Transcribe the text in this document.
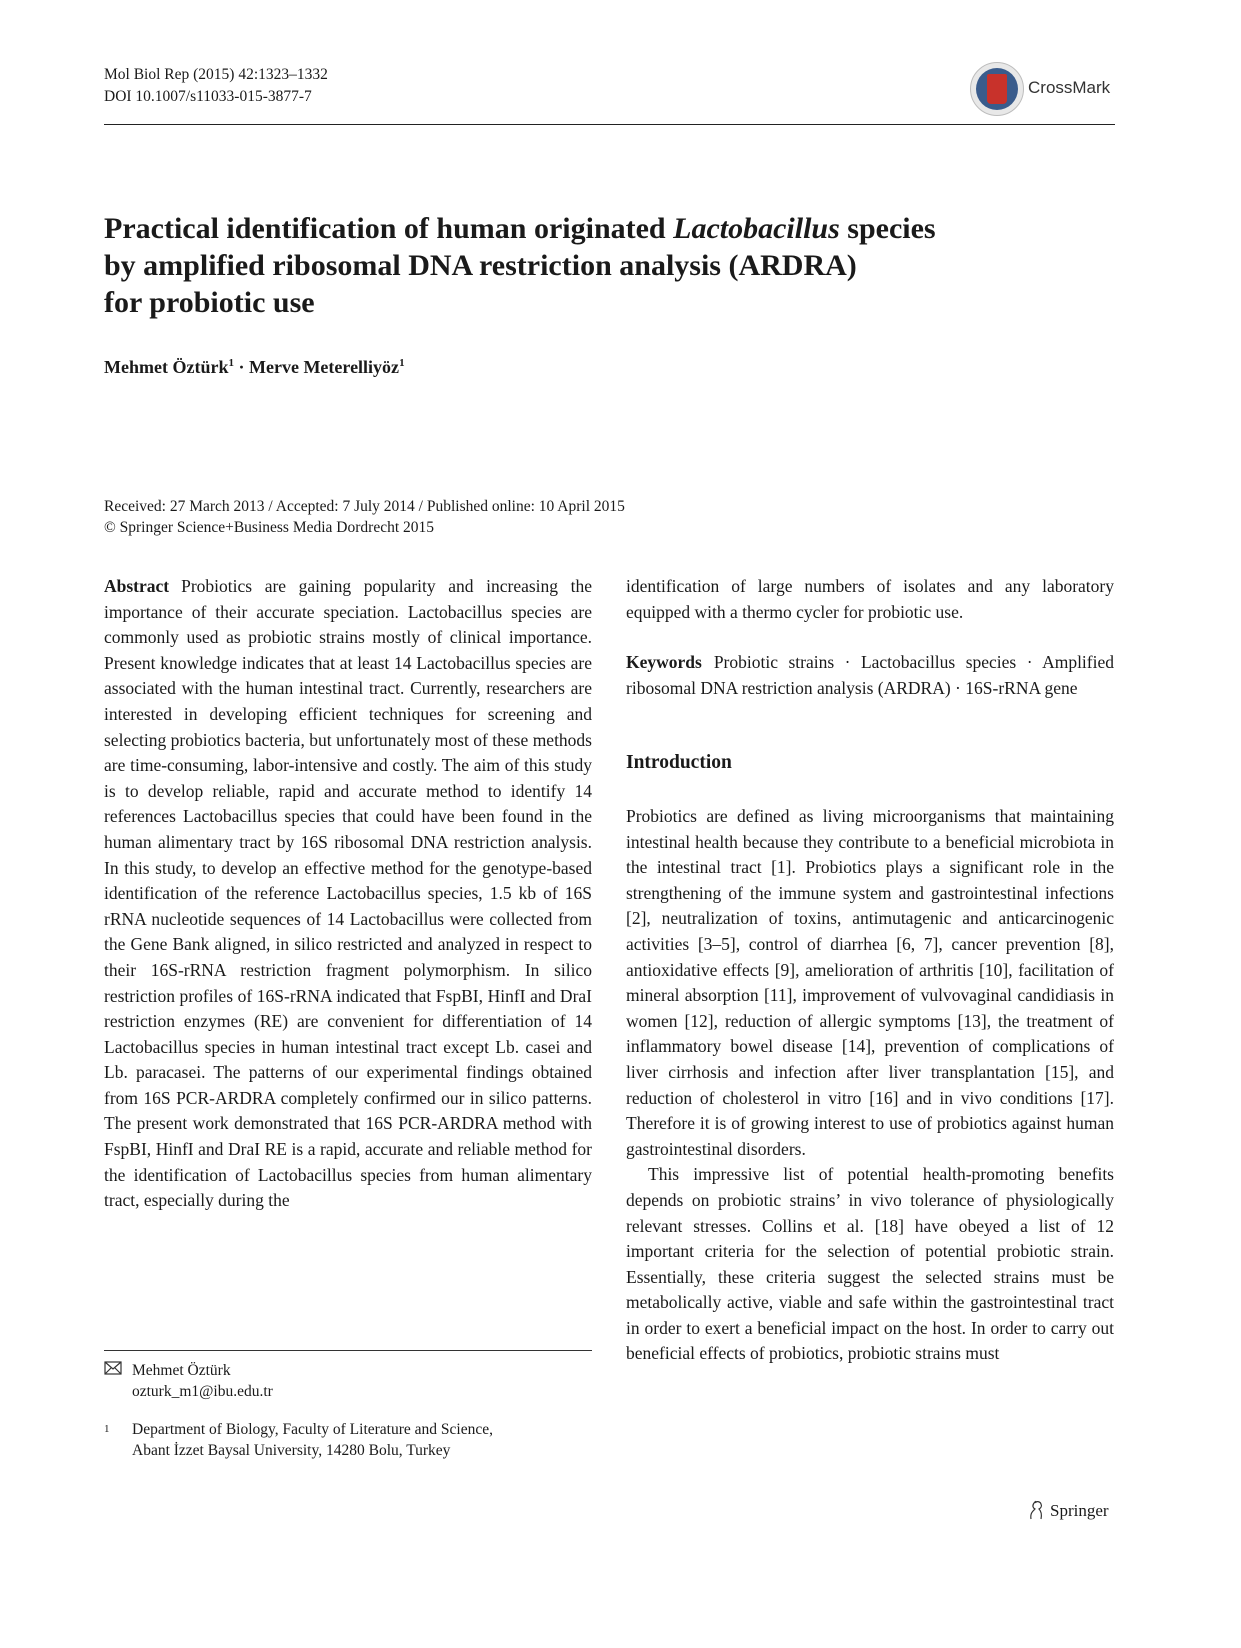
Mol Biol Rep (2015) 42:1323–1332
DOI 10.1007/s11033-015-3877-7	CrossMark
Practical identification of human originated Lactobacillus species
by amplified ribosomal DNA restriction analysis (ARDRA)
for probiotic use
Mehmet Öztürk$^1$ · Merve Meterelliyöz$^1$
Received: 27 March 2013 / Accepted: 7 July 2014 / Published online: 10 April 2015
© Springer Science+Business Media Dordrecht 2015

Abstract Probiotics are gaining popularity and increasing the importance of their accurate speciation. Lactobacillus species are commonly used as probiotic strains mostly of clinical importance. Present knowledge indicates that at least 14 Lactobacillus species are associated with the human intestinal tract. Currently, researchers are interested in developing efficient techniques for screening and selecting probiotics bacteria, but unfortunately most of these methods are time-consuming, labor-intensive and costly. The aim of this study is to develop reliable, rapid and accurate method to identify 14 references Lactobacillus species that could have been found in the human alimentary tract by 16S ribosomal DNA restriction analysis. In this study, to develop an effective method for the genotype-based identification of the reference Lactobacillus species, 1.5 kb of 16S rRNA nucleotide sequences of 14 Lactobacillus were collected from the Gene Bank aligned, in silico restricted and analyzed in respect to their 16S-rRNA restriction fragment polymorphism. In silico restriction profiles of 16S-rRNA indicated that FspBI, HinfI and DraI restriction enzymes (RE) are convenient for differentiation of 14 Lactobacillus species in human intestinal tract except Lb. casei and Lb. paracasei. The patterns of our experimental findings obtained from 16S PCR-ARDRA completely confirmed our in silico patterns. The present work demonstrated that 16S PCR-ARDRA method with FspBI, HinfI and DraI RE is a rapid, accurate and reliable method for the identification of Lactobacillus species from human alimentary tract, especially during the

identification of large numbers of isolates and any laboratory equipped with a thermo cycler for probiotic use.

Keywords Probiotic strains · Lactobacillus species · Amplified ribosomal DNA restriction analysis (ARDRA) · 16S-rRNA gene

Introduction

Probiotics are defined as living microorganisms that maintaining intestinal health because they contribute to a beneficial microbiota in the intestinal tract [1]. Probiotics plays a significant role in the strengthening of the immune system and gastrointestinal infections [2], neutralization of toxins, antimutagenic and anticarcinogenic activities [3–5], control of diarrhea [6, 7], cancer prevention [8], antioxidative effects [9], amelioration of arthritis [10], facilitation of mineral absorption [11], improvement of vulvovaginal candidiasis in women [12], reduction of allergic symptoms [13], the treatment of inflammatory bowel disease [14], prevention of complications of liver cirrhosis and infection after liver transplantation [15], and reduction of cholesterol in vitro [16] and in vivo conditions [17]. Therefore it is of growing interest to use of probiotics against human gastrointestinal disorders.

This impressive list of potential health-promoting benefits depends on probiotic strains’ in vivo tolerance of physiologically relevant stresses. Collins et al. [18] have obeyed a list of 12 important criteria for the selection of potential probiotic strain. Essentially, these criteria suggest the selected strains must be metabolically active, viable and safe within the gastrointestinal tract in order to exert a beneficial impact on the host. In order to carry out beneficial effects of probiotics, probiotic strains must

Mehmet Öztürk
ozturk_m1@ibu.edu.tr
1 Department of Biology, Faculty of Literature and Science,
Abant İzzet Baysal University, 14280 Bolu, Turkey
Springer
